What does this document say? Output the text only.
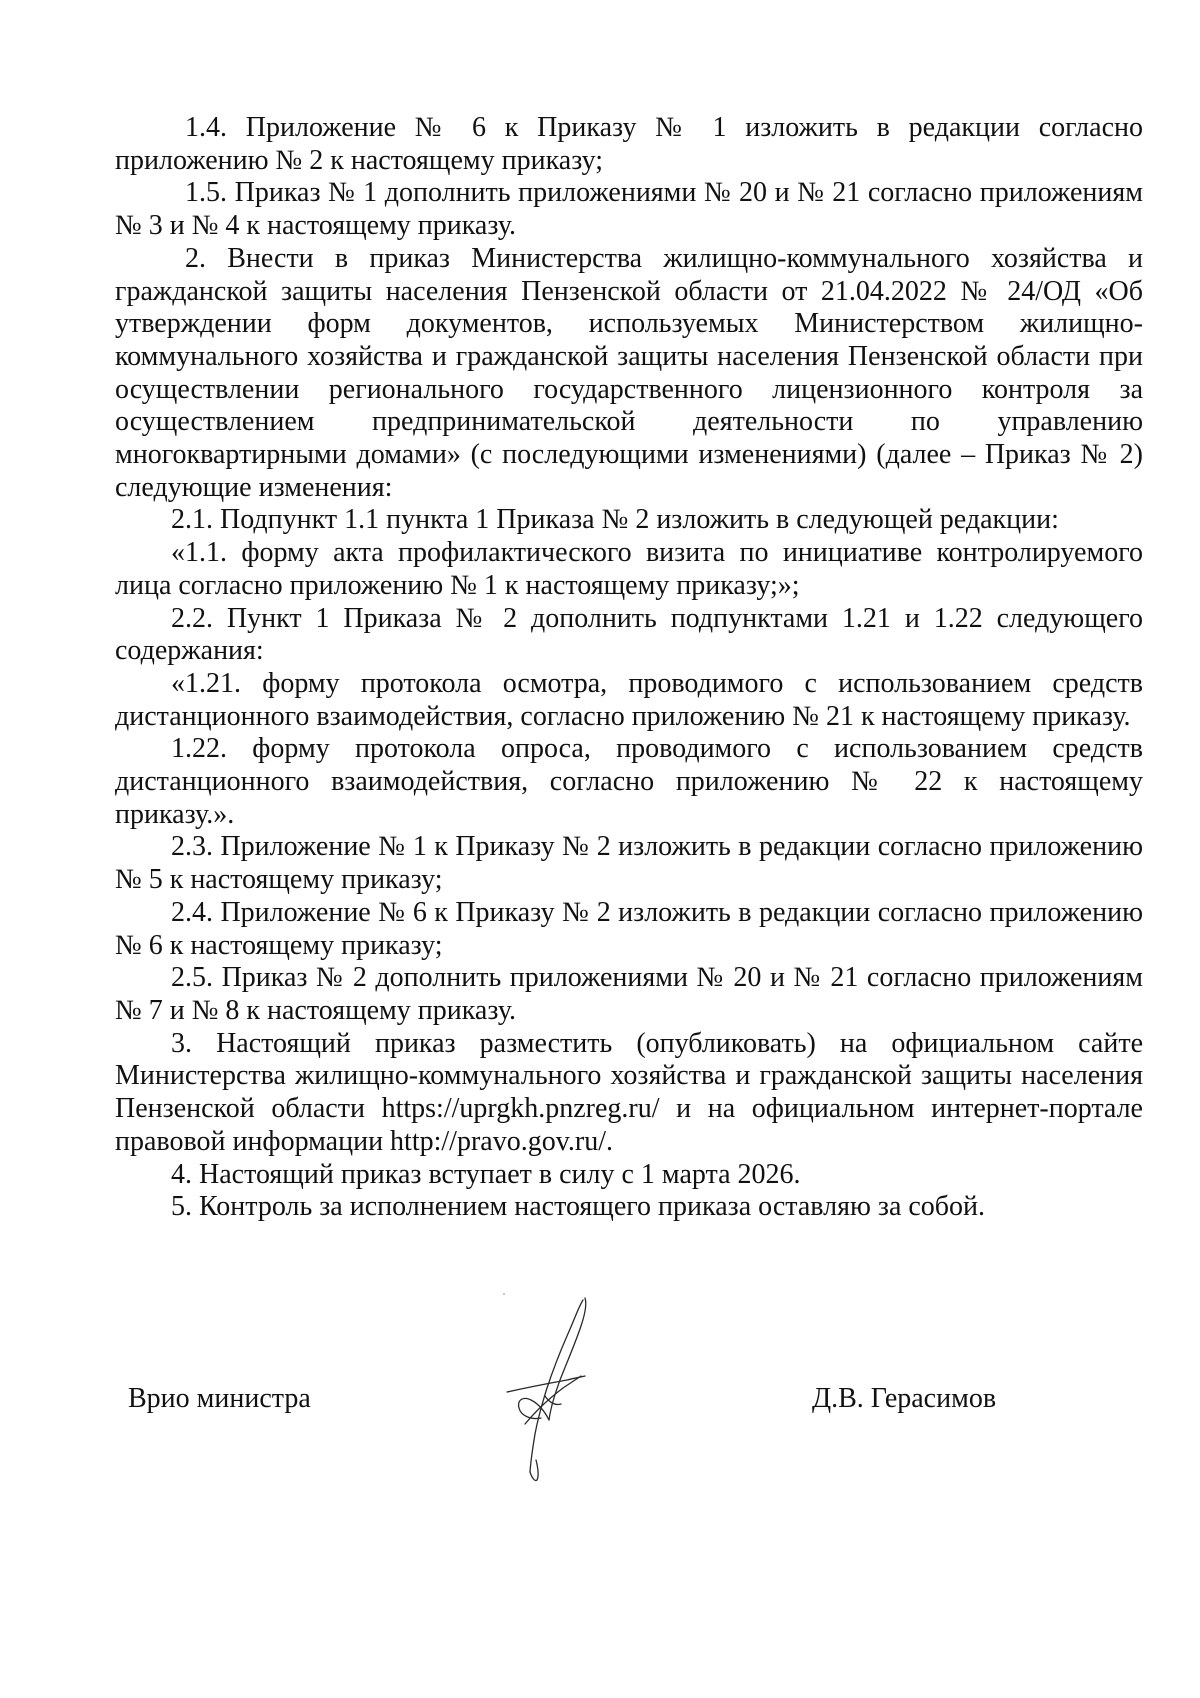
1.4. Приложение № 6 к Приказу № 1 изложить в редакции согласно приложению № 2 к настоящему приказу;

1.5. Приказ № 1 дополнить приложениями № 20 и № 21 согласно приложениям № 3 и № 4 к настоящему приказу.

2. Внести в приказ Министерства жилищно-коммунального хозяйства и гражданской защиты населения Пензенской области от 21.04.2022 № 24/ОД «Об утверждении форм документов, используемых Министерством жилищно-коммунального хозяйства и гражданской защиты населения Пензенской области при осуществлении регионального государственного лицензионного контроля за осуществлением предпринимательской деятельности по управлению многоквартирными домами» (с последующими изменениями) (далее – Приказ № 2) следующие изменения:

2.1. Подпункт 1.1 пункта 1 Приказа № 2 изложить в следующей редакции:

«1.1. форму акта профилактического визита по инициативе контролируемого лица согласно приложению № 1 к настоящему приказу;»;

2.2. Пункт 1 Приказа № 2 дополнить подпунктами 1.21 и 1.22 следующего содержания:

«1.21. форму протокола осмотра, проводимого с использованием средств дистанционного взаимодействия, согласно приложению № 21 к настоящему приказу.

1.22. форму протокола опроса, проводимого с использованием средств дистанционного взаимодействия, согласно приложению № 22 к настоящему приказу.».

2.3. Приложение № 1 к Приказу № 2 изложить в редакции согласно приложению № 5 к настоящему приказу;

2.4. Приложение № 6 к Приказу № 2 изложить в редакции согласно приложению № 6 к настоящему приказу;

2.5. Приказ № 2 дополнить приложениями № 20 и № 21 согласно приложениям № 7 и № 8 к настоящему приказу.

3. Настоящий приказ разместить (опубликовать) на официальном сайте Министерства жилищно-коммунального хозяйства и гражданской защиты населения Пензенской области https://uprgkh.pnzreg.ru/ и на официальном интернет-портале правовой информации http://pravo.gov.ru/.

4. Настоящий приказ вступает в силу с 1 марта 2026.

5. Контроль за исполнением настоящего приказа оставляю за собой.

Врио министра	Д.В. Герасимов
